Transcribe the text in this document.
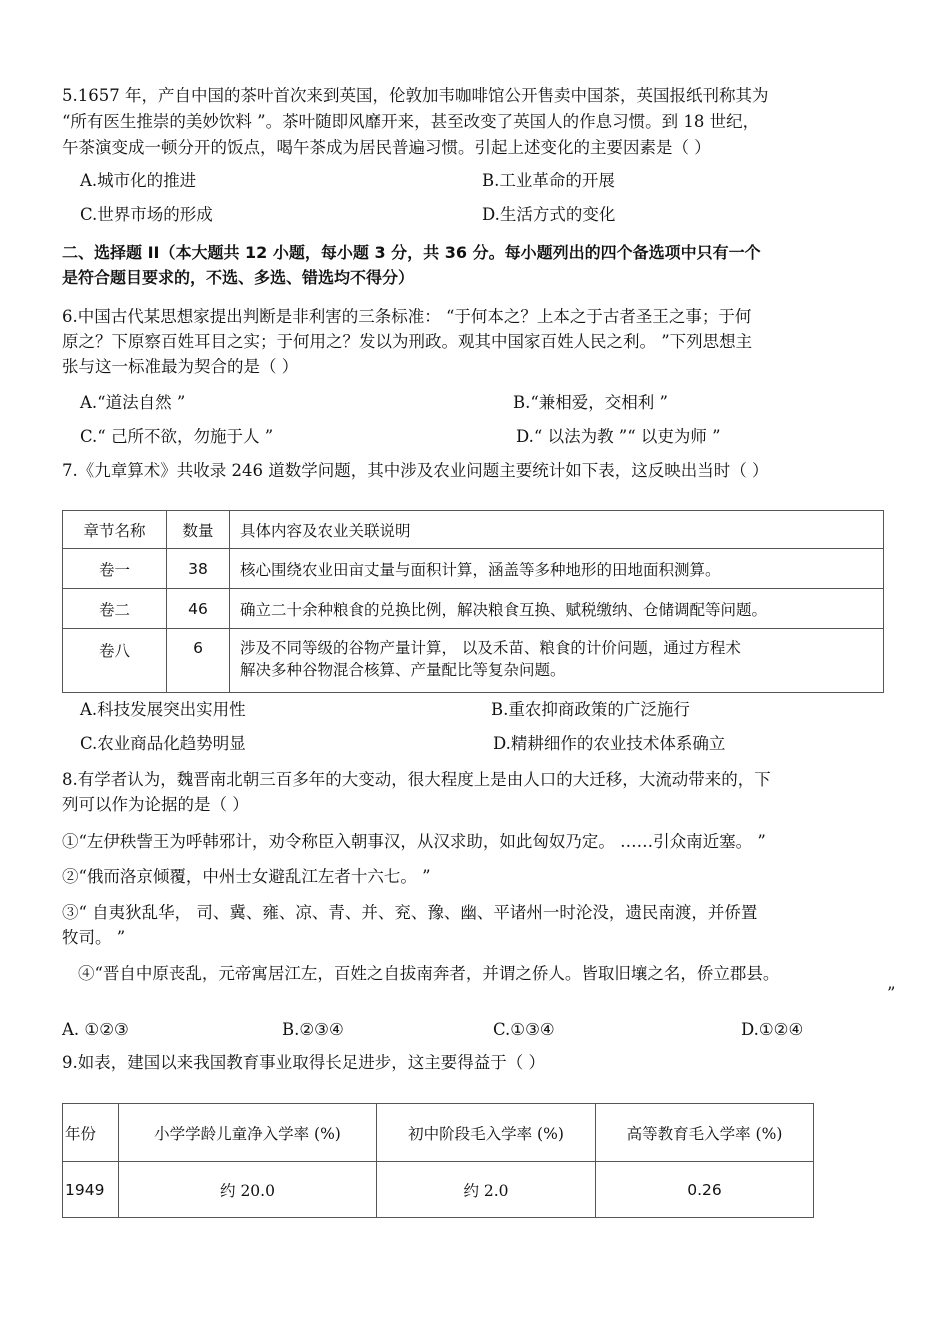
5.1657 年，产自中国的茶叶首次来到英国，伦敦加韦咖啡馆公开售卖中国茶，英国报纸刊称其为
“所有医生推崇的美妙饮料 ”。茶叶随即风靡开来，甚至改变了英国人的作息习惯。到 18 世纪，
午茶演变成一顿分开的饭点，喝午茶成为居民普遍习惯。引起上述变化的主要因素是（ ）
A.城市化的推进	B.工业革命的开展
C.世界市场的形成	D.生活方式的变化
二、选择题 II（本大题共 12 小题，每小题 3 分，共 36 分。每小题列出的四个备选项中只有一个
是符合题目要求的，不选、多选、错选均不得分）
6.中国古代某思想家提出判断是非利害的三条标准： “于何本之？上本之于古者圣王之事；于何
原之？下原察百姓耳目之实；于何用之？发以为刑政。观其中国家百姓人民之利。 ”下列思想主
张与这一标准最为契合的是（ ）
A.“道法自然 ”	B.“兼相爱，交相利 ”
C.“ 己所不欲，勿施于人 ”	D.“ 以法为教 ”“ 以吏为师 ”
7.《九章算术》共收录 246 道数学问题，其中涉及农业问题主要统计如下表，这反映出当时（ ）
章节名称	数量	具体内容及农业关联说明
卷一	38	核心围绕农业田亩丈量与面积计算，涵盖等多种地形的田地面积测算。
卷二	46	确立二十余种粮食的兑换比例，解决粮食互换、赋税缴纳、仓储调配等问题。
卷八	6	涉及不同等级的谷物产量计算， 以及禾苗、粮食的计价问题，通过方程术
解决多种谷物混合核算、产量配比等复杂问题。
A.科技发展突出实用性	B.重农抑商政策的广泛施行
C.农业商品化趋势明显	D.精耕细作的农业技术体系确立
8.有学者认为，魏晋南北朝三百多年的大变动，很大程度上是由人口的大迁移，大流动带来的，下
列可以作为论据的是（ ）
①“左伊秩訾王为呼韩邪计，劝令称臣入朝事汉，从汉求助，如此匈奴乃定。 ……引众南近塞。 ”
②“俄而洛京倾覆，中州士女避乱江左者十六七。 ”
③“ 自夷狄乱华， 司、冀、雍、凉、青、并、兖、豫、幽、平诸州一时沦没，遗民南渡，并侨置
牧司。 ”
④“晋自中原丧乱，元帝寓居江左，百姓之自拔南奔者，并谓之侨人。皆取旧壤之名，侨立郡县。
”
A. ①②③	B.②③④	C.①③④	D.①②④
9.如表，建国以来我国教育事业取得长足进步，这主要得益于（ ）
年份	小学学龄儿童净入学率 (%)	初中阶段毛入学率 (%)	高等教育毛入学率 (%)
1949	约 20.0	约 2.0	0.26
